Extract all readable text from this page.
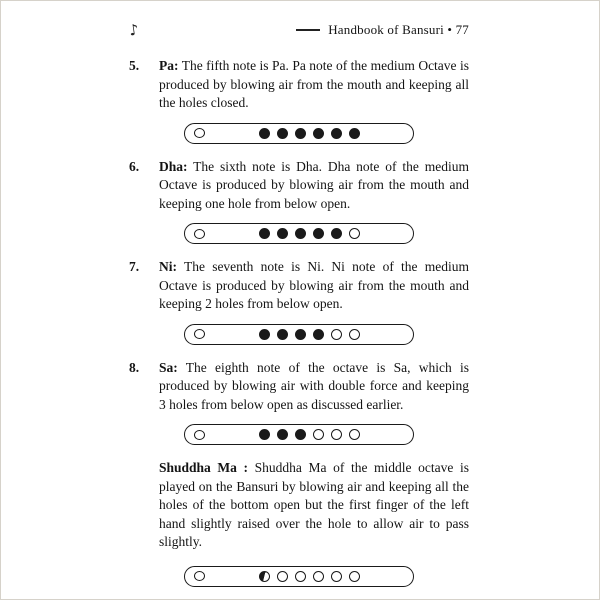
♪	Handbook of Bansuri • 77
5.	Pa: The fifth note is Pa. Pa note of the medium Octave is produced by blowing air from the mouth and keeping all the holes closed.

6.	Dha: The sixth note is Dha. Dha note of the medium Octave is produced by blowing air from the mouth and keeping one hole from below open.

7.	Ni: The seventh note is Ni. Ni note of the medium Octave is produced by blowing air from the mouth and keeping 2 holes from below open.

8.	Sa: The eighth note of the octave is Sa, which is produced by blowing air with double force and keeping 3 holes from below open as discussed earlier.

Shuddha Ma : Shuddha Ma of the middle octave is played on the Bansuri by blowing air and keeping all the holes of the bottom open but the first finger of the left hand slightly raised over the hole to allow air to pass slightly.
